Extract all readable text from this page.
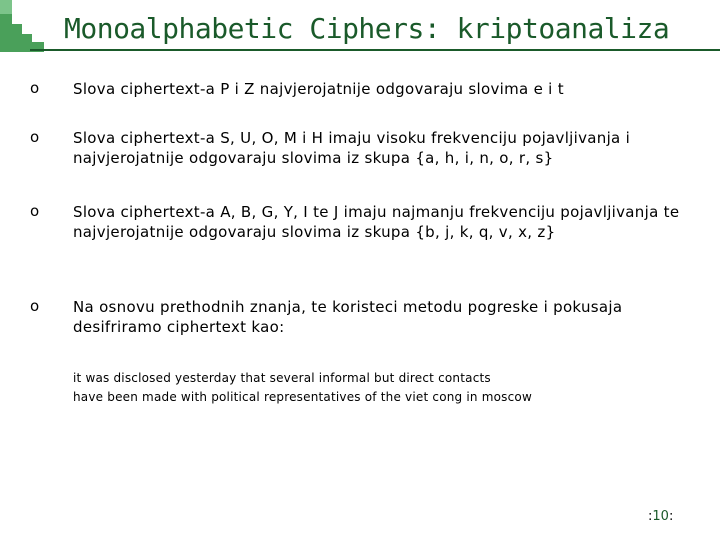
Monoalphabetic Ciphers: kriptoanaliza
o Slova ciphertext-a P i Z najvjerojatnije odgovaraju slovima e i t
o Slova ciphertext-a S, U, O, M i H imaju visoku frekvenciju pojavljivanja i najvjerojatnije odgovaraju slovima iz skupa {a, h, i, n, o, r, s}
o Slova ciphertext-a A, B, G, Y, I te J imaju najmanju frekvenciju pojavljivanja te najvjerojatnije odgovaraju slovima iz skupa {b, j, k, q, v, x, z}
o Na osnovu prethodnih znanja, te koristeci metodu pogreske i pokusaja desifriramo ciphertext kao:
it was disclosed yesterday that several informal but direct contacts
have been made with political representatives of the viet cong in moscow
:10:
